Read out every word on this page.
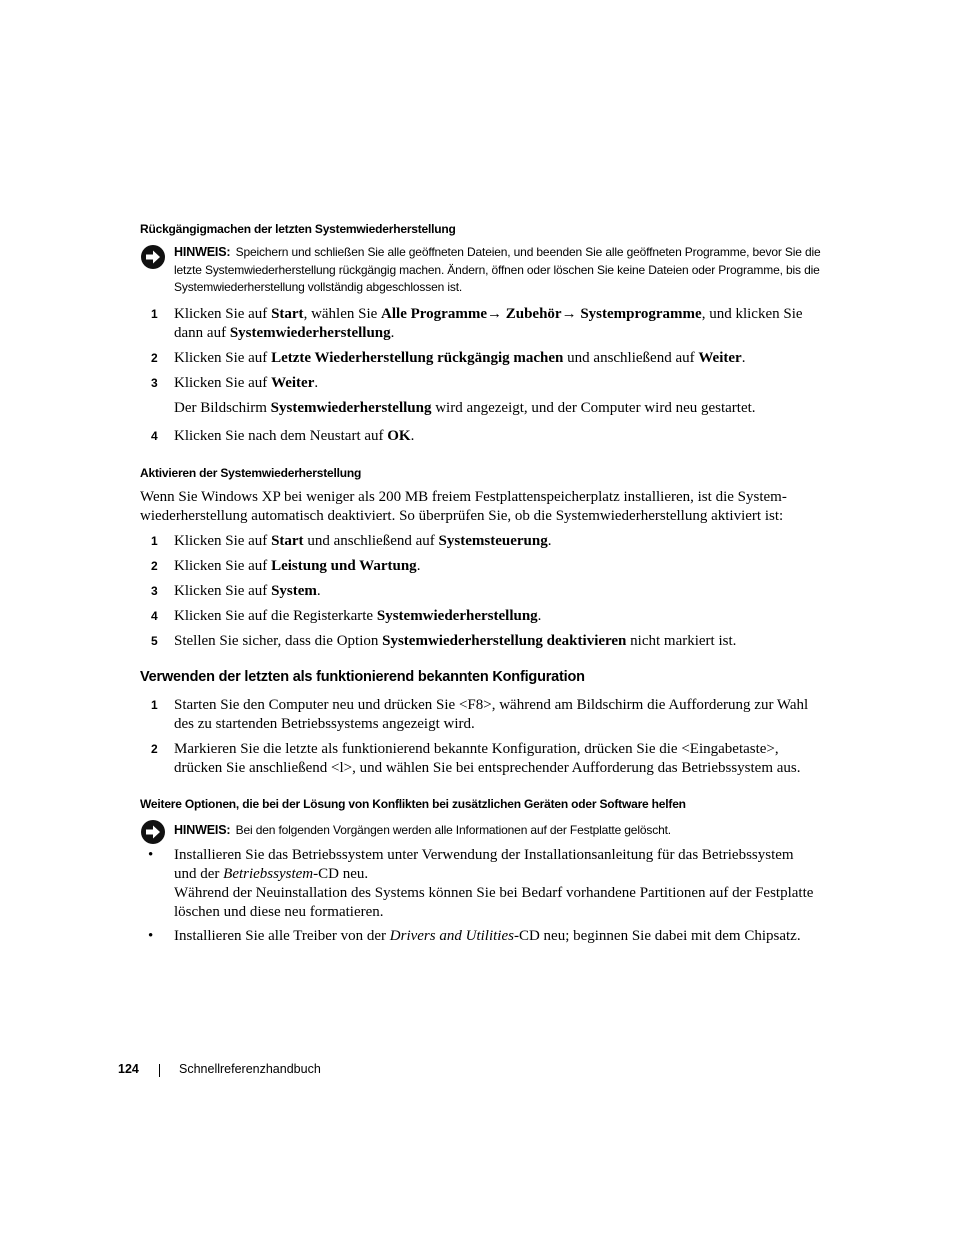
Rückgängigmachen der letzten Systemwiederherstellung
HINWEIS: Speichern und schließen Sie alle geöffneten Dateien, und beenden Sie alle geöffneten Programme, bevor Sie die letzte Systemwiederherstellung rückgängig machen. Ändern, öffnen oder löschen Sie keine Dateien oder Programme, bis die Systemwiederherstellung vollständig abgeschlossen ist.
1 Klicken Sie auf Start, wählen Sie Alle Programme→ Zubehör→ Systemprogramme, und klicken Sie dann auf Systemwiederherstellung.
2 Klicken Sie auf Letzte Wiederherstellung rückgängig machen und anschließend auf Weiter.
3 Klicken Sie auf Weiter.
Der Bildschirm Systemwiederherstellung wird angezeigt, und der Computer wird neu gestartet.
4 Klicken Sie nach dem Neustart auf OK.
Aktivieren der Systemwiederherstellung
Wenn Sie Windows XP bei weniger als 200 MB freiem Festplattenspeicherplatz installieren, ist die System-wiederherstellung automatisch deaktiviert. So überprüfen Sie, ob die Systemwiederherstellung aktiviert ist:
1 Klicken Sie auf Start und anschließend auf Systemsteuerung.
2 Klicken Sie auf Leistung und Wartung.
3 Klicken Sie auf System.
4 Klicken Sie auf die Registerkarte Systemwiederherstellung.
5 Stellen Sie sicher, dass die Option Systemwiederherstellung deaktivieren nicht markiert ist.
Verwenden der letzten als funktionierend bekannten Konfiguration
1 Starten Sie den Computer neu und drücken Sie <F8>, während am Bildschirm die Aufforderung zur Wahl des zu startenden Betriebssystems angezeigt wird.
2 Markieren Sie die letzte als funktionierend bekannte Konfiguration, drücken Sie die <Eingabetaste>, drücken Sie anschließend <l>, und wählen Sie bei entsprechender Aufforderung das Betriebssystem aus.
Weitere Optionen, die bei der Lösung von Konflikten bei zusätzlichen Geräten oder Software helfen
HINWEIS: Bei den folgenden Vorgängen werden alle Informationen auf der Festplatte gelöscht.
• Installieren Sie das Betriebssystem unter Verwendung der Installationsanleitung für das Betriebssystem und der Betriebssystem-CD neu.
Während der Neuinstallation des Systems können Sie bei Bedarf vorhandene Partitionen auf der Festplatte löschen und diese neu formatieren.
• Installieren Sie alle Treiber von der Drivers and Utilities-CD neu; beginnen Sie dabei mit dem Chipsatz.
124	Schnellreferenzhandbuch
